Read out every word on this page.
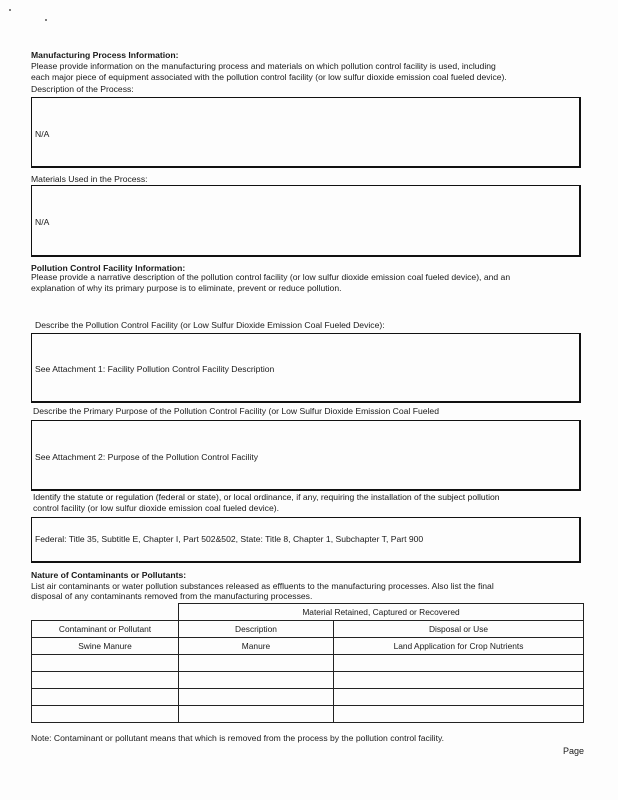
Manufacturing Process Information:
Please provide information on the manufacturing process and materials on which pollution control facility is used, including
each major piece of equipment associated with the pollution control facility (or low sulfur dioxide emission coal fueled device).
Description of the Process:
N/A
Materials Used in the Process:
N/A
Pollution Control Facility Information:
Please provide a narrative description of the pollution control facility (or low sulfur dioxide emission coal fueled device), and an
explanation of why its primary purpose is to eliminate, prevent or reduce pollution.
Describe the Pollution Control Facility (or Low Sulfur Dioxide Emission Coal Fueled Device):
See Attachment 1: Facility Pollution Control Facility Description
Describe the Primary Purpose of the Pollution Control Facility (or Low Sulfur Dioxide Emission Coal Fueled
See Attachment 2: Purpose of the Pollution Control Facility
Identify the statute or regulation (federal or state), or local ordinance, if any, requiring the installation of the subject pollution
control facility (or low sulfur dioxide emission coal fueled device).
Federal: Title 35, Subtitle E, Chapter I, Part 502&502, State: Title 8, Chapter 1, Subchapter T, Part 900
Nature of Contaminants or Pollutants:
List air contaminants or water pollution substances released as effluents to the manufacturing processes. Also list the final
disposal of any contaminants removed from the manufacturing processes.
	Material Retained, Captured or Recovered	
Contaminant or Pollutant	Description	Disposal or Use
Swine Manure	Manure	Land Application for Crop Nutrients

Note: Contaminant or pollutant means that which is removed from the process by the pollution control facility.
Page
